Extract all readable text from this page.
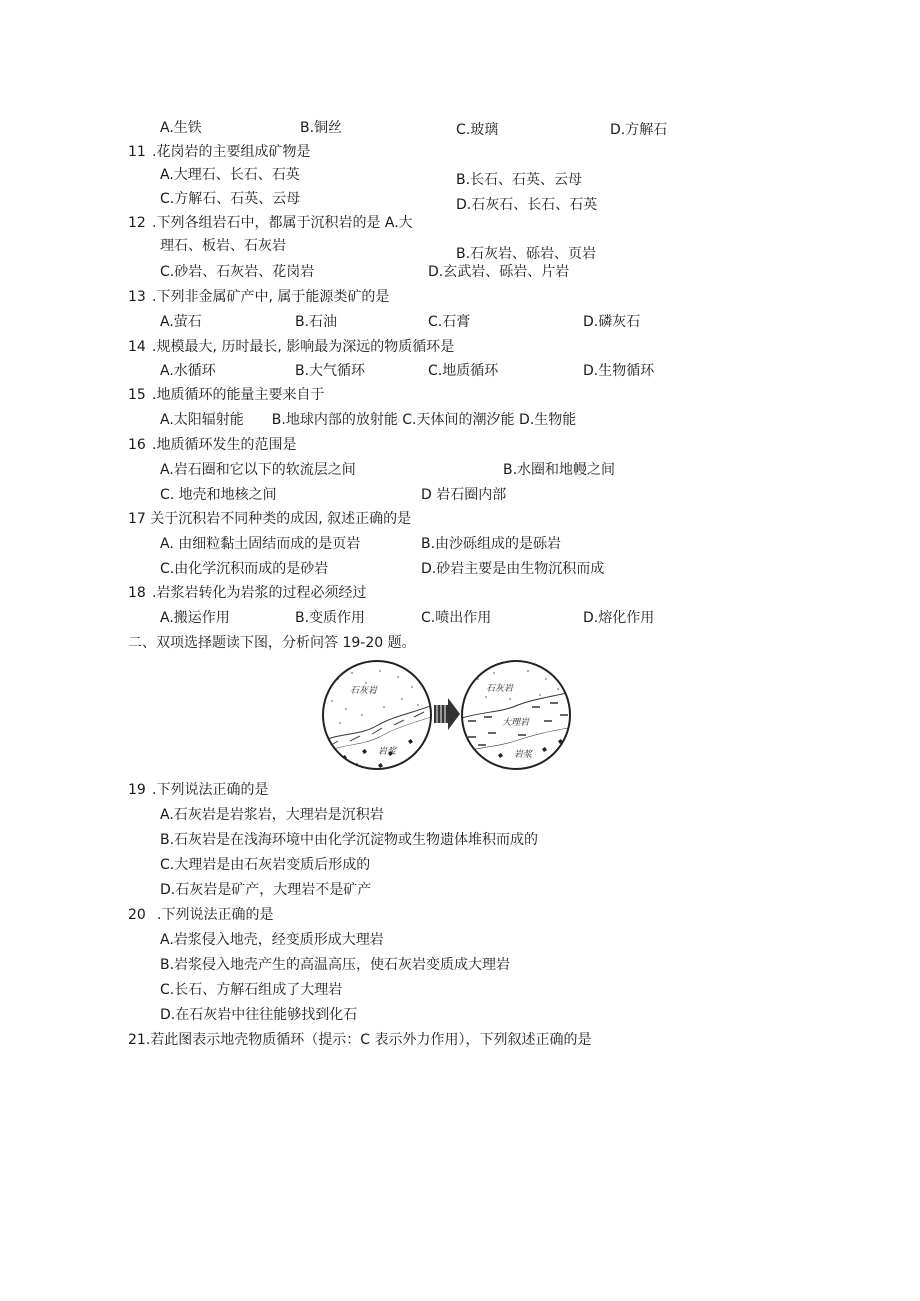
A.生铁	B.铜丝	C.玻璃	D.方解石
11 .花岗岩的主要组成矿物是
A.大理石、长石、石英	B.长石、石英、云母
C.方解石、石英、云母	D.石灰石、长石、石英
12 .下列各组岩石中，都属于沉积岩的是 A.大
理石、板岩、石灰岩	B.石灰岩、砾岩、页岩
C.砂岩、石灰岩、花岗岩	D.玄武岩、砾岩、片岩
13 .下列非金属矿产中, 属于能源类矿的是
A.萤石	B.石油	C.石膏	D.磷灰石
14 .规模最大, 历时最长, 影响最为深远的物质循环是
A.水循环	B.大气循环	C.地质循环	D.生物循环
15 .地质循环的能量主要来自于
A.太阳辐射能　　B.地球内部的放射能 C.天体间的潮汐能 D.生物能
16 .地质循环发生的范围是
A.岩石圈和它以下的软流层之间	B.水圈和地幔之间
C. 地壳和地核之间	D 岩石圈内部
17 关于沉积岩不同种类的成因, 叙述正确的是
A. 由细粒黏土固结而成的是页岩	B.由沙砾组成的是砾岩
C.由化学沉积而成的是砂岩	D.砂岩主要是由生物沉积而成
18 .岩浆岩转化为岩浆的过程必须经过
A.搬运作用	B.变质作用	C.喷出作用	D.熔化作用
二、双项选择题读下图，分析问答 19-20 题。
石灰岩
岩浆
石灰岩
大理岩
岩浆
19 .下列说法正确的是
A.石灰岩是岩浆岩，大理岩是沉积岩
B.石灰岩是在浅海环境中由化学沉淀物或生物遗体堆积而成的
C.大理岩是由石灰岩变质后形成的
D.石灰岩是矿产，大理岩不是矿产
20 .下列说法正确的是
A.岩浆侵入地壳，经变质形成大理岩
B.岩浆侵入地壳产生的高温高压，使石灰岩变质成大理岩
C.长石、方解石组成了大理岩
D.在石灰岩中往往能够找到化石
21.若此图表示地壳物质循环（提示：C 表示外力作用），下列叙述正确的是
